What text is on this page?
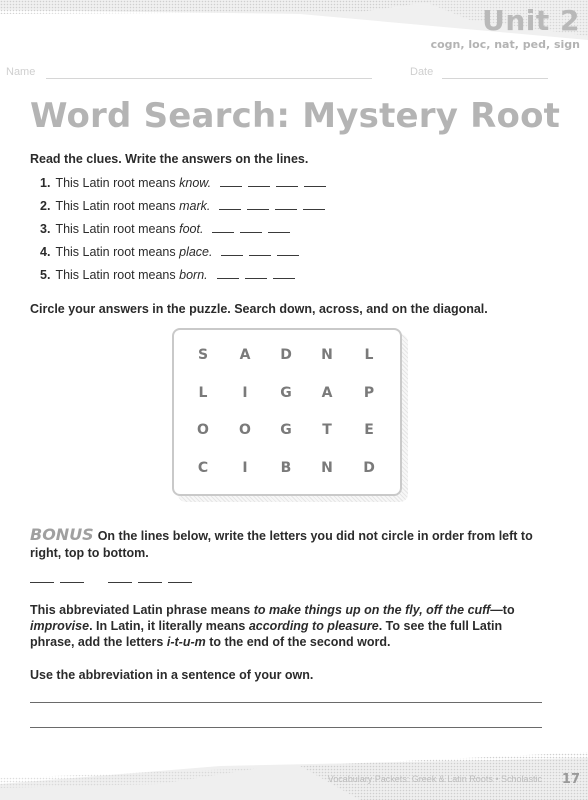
Unit 2
cogn, loc, nat, ped, sign
Name	Date
Word Search: Mystery Root
Read the clues. Write the answers on the lines.
1. This Latin root means know.
2. This Latin root means mark.
3. This Latin root means foot.
4. This Latin root means place.
5. This Latin root means born.
Circle your answers in the puzzle. Search down, across, and on the diagonal.
S	A	D	N	L
L	I	G	A	P
O	O	G	T	E
C	I	B	N	D
BONUS On the lines below, write the letters you did not circle in order from left to right, top to bottom.
This abbreviated Latin phrase means to make things up on the fly, off the cuff—to improvise. In Latin, it literally means according to pleasure. To see the full Latin phrase, add the letters i-t-u-m to the end of the second word.
Use the abbreviation in a sentence of your own.
Vocabulary Packets: Greek & Latin Roots • Scholastic 17
